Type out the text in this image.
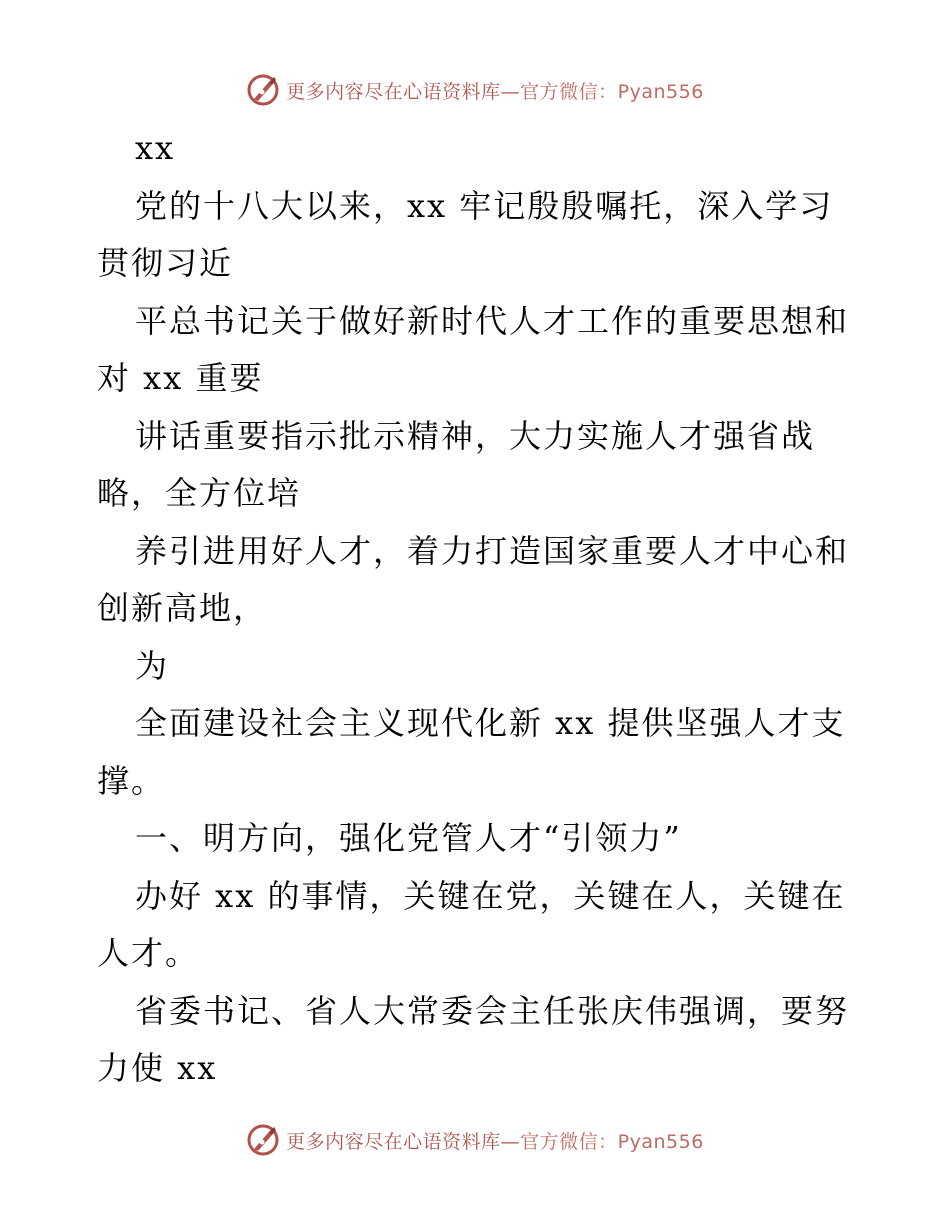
更多内容尽在心语资料库—官方微信：Pyan556
xx
党的十八大以来，xx 牢记殷殷嘱托，深入学习
贯彻习近
平总书记关于做好新时代人才工作的重要思想和
对 xx 重要
讲话重要指示批示精神，大力实施人才强省战
略，全方位培
养引进用好人才，着力打造国家重要人才中心和
创新高地，
为
全面建设社会主义现代化新 xx 提供坚强人才支
撑。
一、明方向，强化党管人才“引领力”
办好 xx 的事情，关键在党，关键在人，关键在
人才。
省委书记、省人大常委会主任张庆伟强调，要努
力使 xx
更多内容尽在心语资料库—官方微信：Pyan556
